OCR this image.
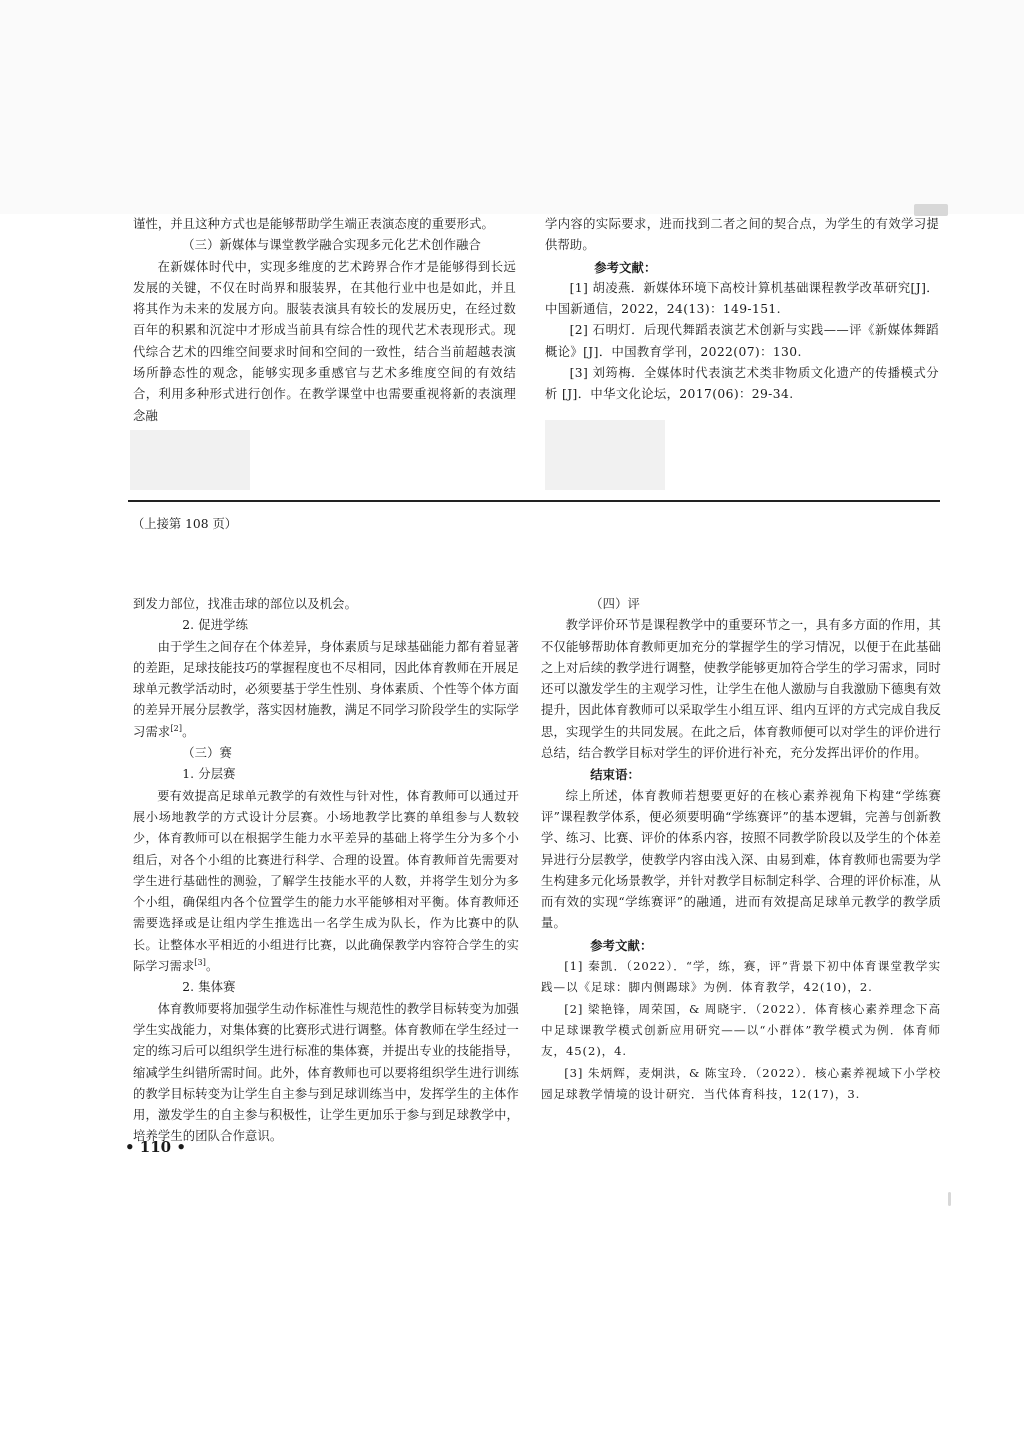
谨性，并且这种方式也是能够帮助学生端正表演态度的重要形式。

（三）新媒体与课堂教学融合实现多元化艺术创作融合

在新媒体时代中，实现多维度的艺术跨界合作才是能够得到长远发展的关键，不仅在时尚界和服装界，在其他行业中也是如此，并且将其作为未来的发展方向。服装表演具有较长的发展历史，在经过数百年的积累和沉淀中才形成当前具有综合性的现代艺术表现形式。现代综合艺术的四维空间要求时间和空间的一致性，结合当前超越表演场所静态性的观念，能够实现多重感官与艺术多维度空间的有效结合，利用多种形式进行创作。在教学课堂中也需要重视将新的表演理念融

学内容的实际要求，进而找到二者之间的契合点，为学生的有效学习提供帮助。

参考文献：

[1] 胡凌燕．新媒体环境下高校计算机基础课程教学改革研究[J]．中国新通信，2022，24(13)：149-151.

[2] 石明灯．后现代舞蹈表演艺术创新与实践——评《新媒体舞蹈概论》[J]．中国教育学刊，2022(07)：130.

[3] 刘筠梅．全媒体时代表演艺术类非物质文化遗产的传播模式分析 [J]．中华文化论坛，2017(06)：29-34.

（上接第 108 页）

到发力部位，找准击球的部位以及机会。

2. 促进学练

由于学生之间存在个体差异，身体素质与足球基础能力都有着显著的差距，足球技能技巧的掌握程度也不尽相同，因此体育教师在开展足球单元教学活动时，必须要基于学生性别、身体素质、个性等个体方面的差异开展分层教学，落实因材施教，满足不同学习阶段学生的实际学习需求[2]。

（三）赛

1. 分层赛

要有效提高足球单元教学的有效性与针对性，体育教师可以通过开展小场地教学的方式设计分层赛。小场地教学比赛的单组参与人数较少，体育教师可以在根据学生能力水平差异的基础上将学生分为多个小组后，对各个小组的比赛进行科学、合理的设置。体育教师首先需要对学生进行基础性的测验，了解学生技能水平的人数，并将学生划分为多个小组，确保组内各个位置学生的能力水平能够相对平衡。体育教师还需要选择或是让组内学生推选出一名学生成为队长，作为比赛中的队长。让整体水平相近的小组进行比赛，以此确保教学内容符合学生的实际学习需求[3]。

2. 集体赛

体育教师要将加强学生动作标准性与规范性的教学目标转变为加强学生实战能力，对集体赛的比赛形式进行调整。体育教师在学生经过一定的练习后可以组织学生进行标准的集体赛，并提出专业的技能指导，缩减学生纠错所需时间。此外，体育教师也可以要将组织学生进行训练的教学目标转变为让学生自主参与到足球训练当中，发挥学生的主体作用，激发学生的自主参与积极性，让学生更加乐于参与到足球教学中，培养学生的团队合作意识。

（四）评

教学评价环节是课程教学中的重要环节之一，具有多方面的作用，其不仅能够帮助体育教师更加充分的掌握学生的学习情况，以便于在此基础之上对后续的教学进行调整，使教学能够更加符合学生的学习需求，同时还可以激发学生的主观学习性，让学生在他人激励与自我激励下德奥有效提升，因此体育教师可以采取学生小组互评、组内互评的方式完成自我反思，实现学生的共同发展。在此之后，体育教师便可以对学生的评价进行总结，结合教学目标对学生的评价进行补充，充分发挥出评价的作用。

结束语：

综上所述，体育教师若想要更好的在核心素养视角下构建“学练赛评”课程教学体系，便必须要明确“学练赛评”的基本逻辑，完善与创新教学、练习、比赛、评价的体系内容，按照不同教学阶段以及学生的个体差异进行分层教学，使教学内容由浅入深、由易到难，体育教师也需要为学生构建多元化场景教学，并针对教学目标制定科学、合理的评价标准，从而有效的实现“学练赛评”的融通，进而有效提高足球单元教学的教学质量。

参考文献：

[1] 秦凯．（2022）．“学，练，赛，评”背景下初中体育课堂教学实践—以《足球：脚内侧踢球》为例．体育教学，42(10)，2.

[2] 梁艳锋，周荣国，& 周晓宇．（2022）．体育核心素养理念下高中足球课教学模式创新应用研究——以“小群体”教学模式为例．体育师友，45(2)，4.

[3] 朱炳辉，麦炯洪，& 陈宝玲．（2022）．核心素养视域下小学校园足球教学情境的设计研究．当代体育科技，12(17)，3.

• 110 •
